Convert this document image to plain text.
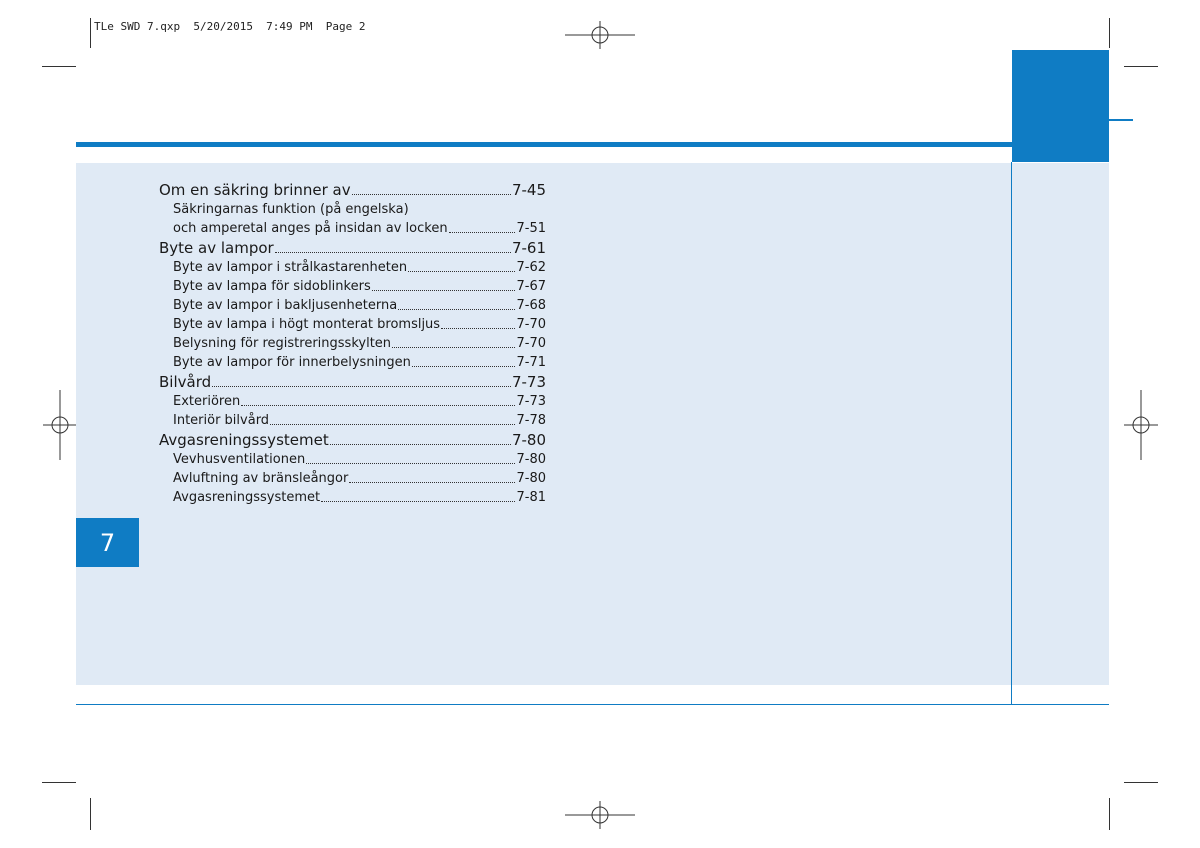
TLe SWD 7.qxp  5/20/2015  7:49 PM  Page 2
7
Om en säkring brinner av	7-45
Säkringarnas funktion (på engelska)
och amperetal anges på insidan av locken	7-51
Byte av lampor	7-61
Byte av lampor i strålkastarenheten	7-62
Byte av lampa för sidoblinkers	7-67
Byte av lampor i bakljusenheterna	7-68
Byte av lampa i högt monterat bromsljus	7-70
Belysning för registreringsskylten	7-70
Byte av lampor för innerbelysningen	7-71
Bilvård	7-73
Exteriören	7-73
Interiör bilvård	7-78
Avgasreningssystemet	7-80
Vevhusventilationen	7-80
Avluftning av bränsleångor	7-80
Avgasreningssystemet	7-81
